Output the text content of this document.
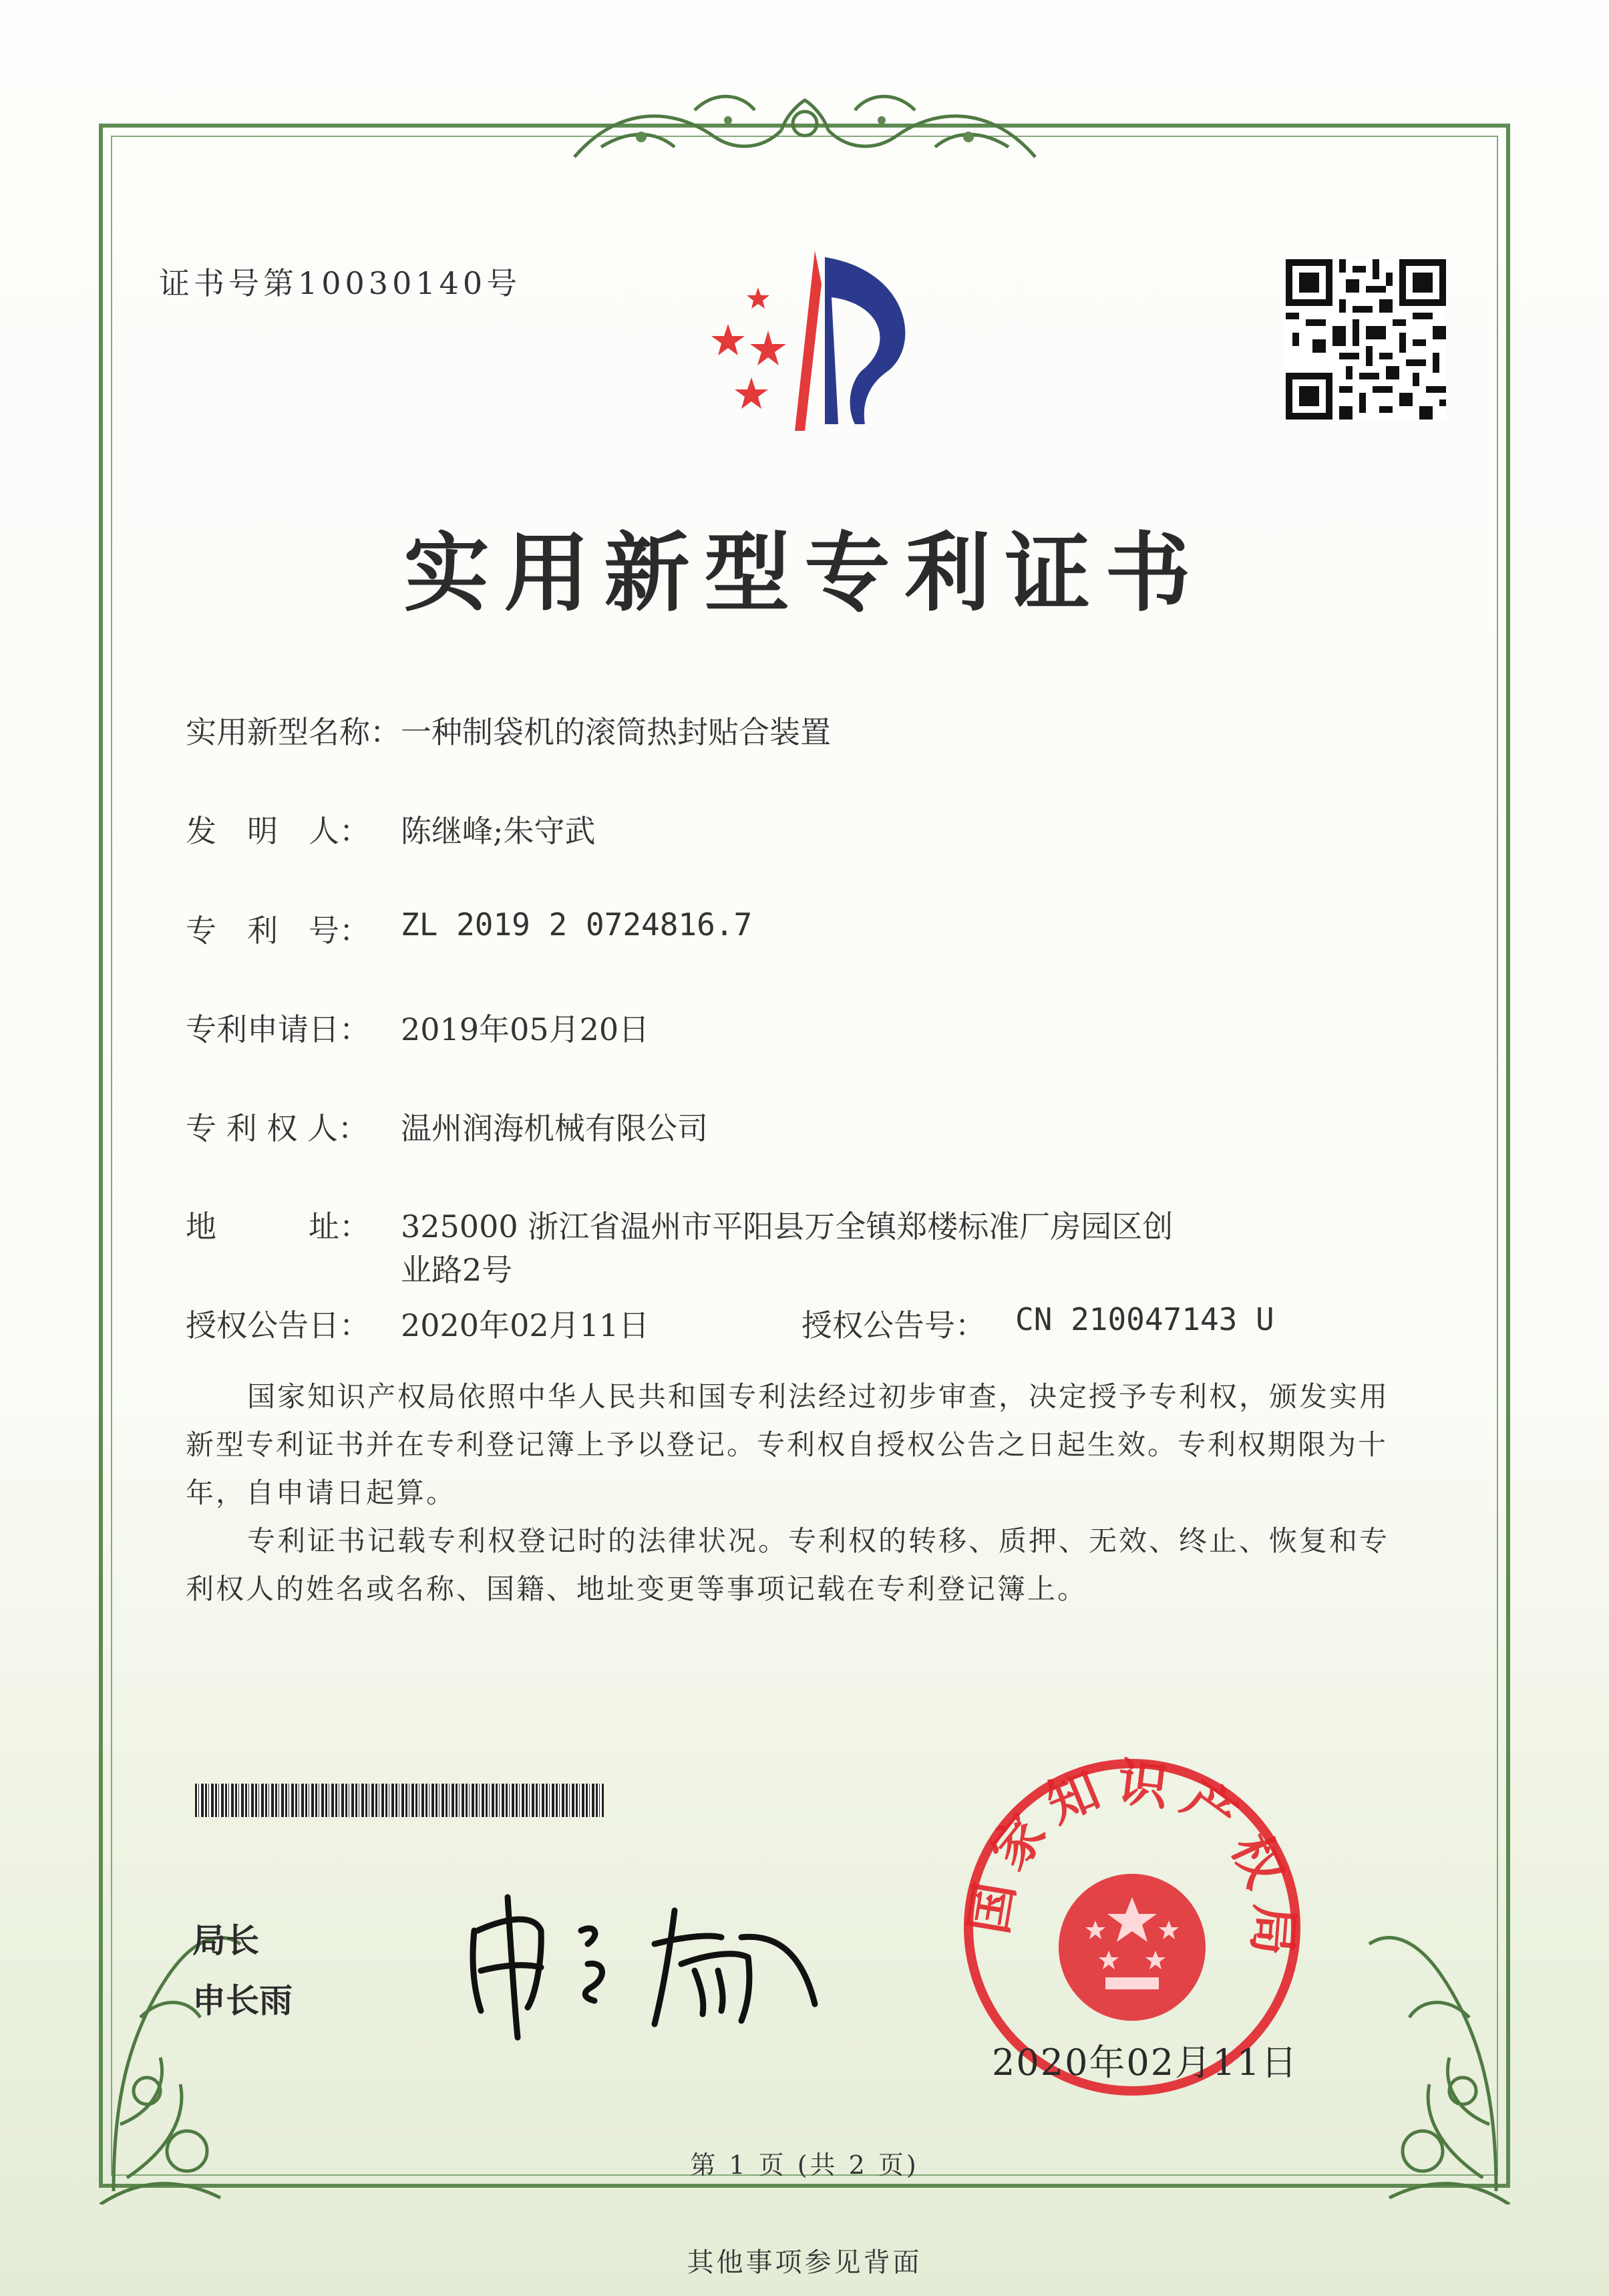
证书号第10030140号
实用新型专利证书
实用新型名称： 一种制袋机的滚筒热封贴合装置
发　明　人： 陈继峰;朱守武
专　利　号： ZL 2019 2 0724816.7
专利申请日： 2019年05月20日
专 利 权 人： 温州润海机械有限公司
地　　　址： 325000 浙江省温州市平阳县万全镇郑楼标准厂房园区创
业路2号
授权公告日： 2020年02月11日	授权公告号： CN 210047143 U
国家知识产权局依照中华人民共和国专利法经过初步审查，决定授予专利权，颁发实用
新型专利证书并在专利登记簿上予以登记。专利权自授权公告之日起生效。专利权期限为十
年，自申请日起算。
专利证书记载专利权登记时的法律状况。专利权的转移、质押、无效、终止、恢复和专
利权人的姓名或名称、国籍、地址变更等事项记载在专利登记簿上。
局长
申长雨
国家知识产权局
2020年02月11日
第 1 页 (共 2 页)
其他事项参见背面
